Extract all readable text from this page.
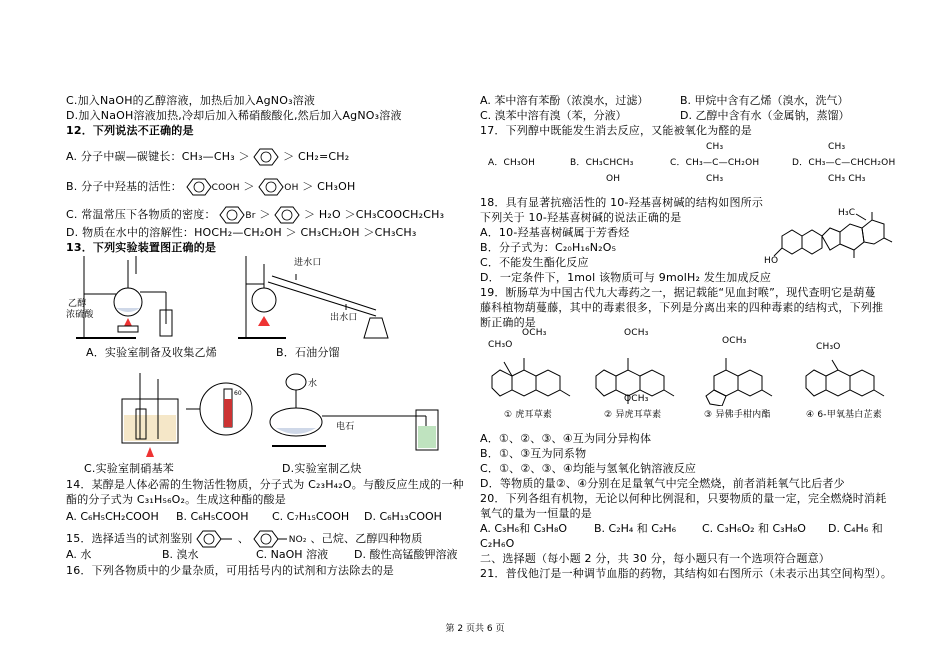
C.加入NaOH的乙醇溶液，加热后加入AgNO₃溶液
D.加入NaOH溶液加热,冷却后加入稀硝酸酸化,然后加入AgNO₃溶液
12．下列说法不正确的是
A. 分子中碳—碳键长：CH₃—CH₃ ＞	＞ CH₂=CH₂
B. 分子中羟基的活性：	COOH ＞	OH ＞ CH₃OH
C. 常温常压下各物质的密度：	Br ＞	＞ H₂O ＞CH₃COOCH₂CH₃
D. 物质在水中的溶解性：HOCH₂—CH₂OH ＞ CH₃CH₂OH ＞CH₃CH₃
13．下列实验装置图正确的是
乙醇
浓硫酸
进水口
出水口
A．实验室制备及收集乙烯	B．石油分馏
60
水
电石
C.实验室制硝基苯	D.实验室制乙炔
14．某醇是人体必需的生物活性物质，分子式为 C₂₃H₄₂O。与酸反应生成的一种
酯的分子式为 C₃₁H₅₆O₂。生成这种酯的酸是
A. C₆H₅CH₂COOH B. C₆H₅COOH C. C₇H₁₅COOH D. C₆H₁₃COOH
15．选择适当的试剂鉴别	、	NO₂ 、己烷、乙醇四种物质
A. 水	B. 溴水	C. NaOH 溶液 D. 酸性高锰酸钾溶液
16．下列各物质中的少量杂质，可用括号内的试剂和方法除去的是
A. 苯中溶有苯酚（浓溴水，过滤）	B. 甲烷中含有乙烯（溴水，洗气）
C. 溴苯中溶有溴（苯，分液）	D. 乙醇中含有水（金属钠，蒸馏）
17．下列醇中既能发生消去反应，又能被氧化为醛的是
A．CH₃OH	B．CH₃CHCH₃
OH
CH₃
C．CH₃—C—CH₂OH
CH₃
CH₃
D．CH₃—C—CHCH₂OH
CH₃ CH₃
18．具有显著抗癌活性的 10-羟基喜树碱的结构如图所示
下列关于 10-羟基喜树碱的说法正确的是
A．10-羟基喜树碱属于芳香烃
B．分子式为：C₂₀H₁₆N₂O₅
C．不能发生酯化反应
D．一定条件下，1mol 该物质可与 9molH₂ 发生加成反应
HO
H₃C
19．断肠草为中国古代九大毒药之一，据记载能“见血封喉”，现代查明它是葫蔓
藤科植物葫蔓藤，其中的毒素很多，下列是分离出来的四种毒素的结构式，下列推
断正确的是
CH₃O
OCH₃	OCH₃
OCH₃
OCH₃
CH₃O
① 虎耳草素	② 异虎耳草素	③ 异佛手柑内酯	④ 6-甲氧基白芷素
A．①、②、③、④互为同分异构体
B．①、③互为同系物
C．①、②、③、④均能与氢氧化钠溶液反应
D．等物质的量②、④分别在足量氧气中完全燃烧，前者消耗氧气比后者少
20．下列各组有机物，无论以何种比例混和，只要物质的量一定，完全燃烧时消耗
氧气的量为一恒量的是
A. C₃H₆和 C₃H₈O B. C₂H₄ 和 C₂H₆ C. C₃H₆O₂ 和 C₃H₈O D. C₄H₆ 和
C₂H₆O
二、选择题（每小题 2 分，共 30 分，每小题只有一个选项符合题意）
21．普伐他汀是一种调节血脂的药物，其结构如右图所示（未表示出其空间构型）。
第 2 页共 6 页
